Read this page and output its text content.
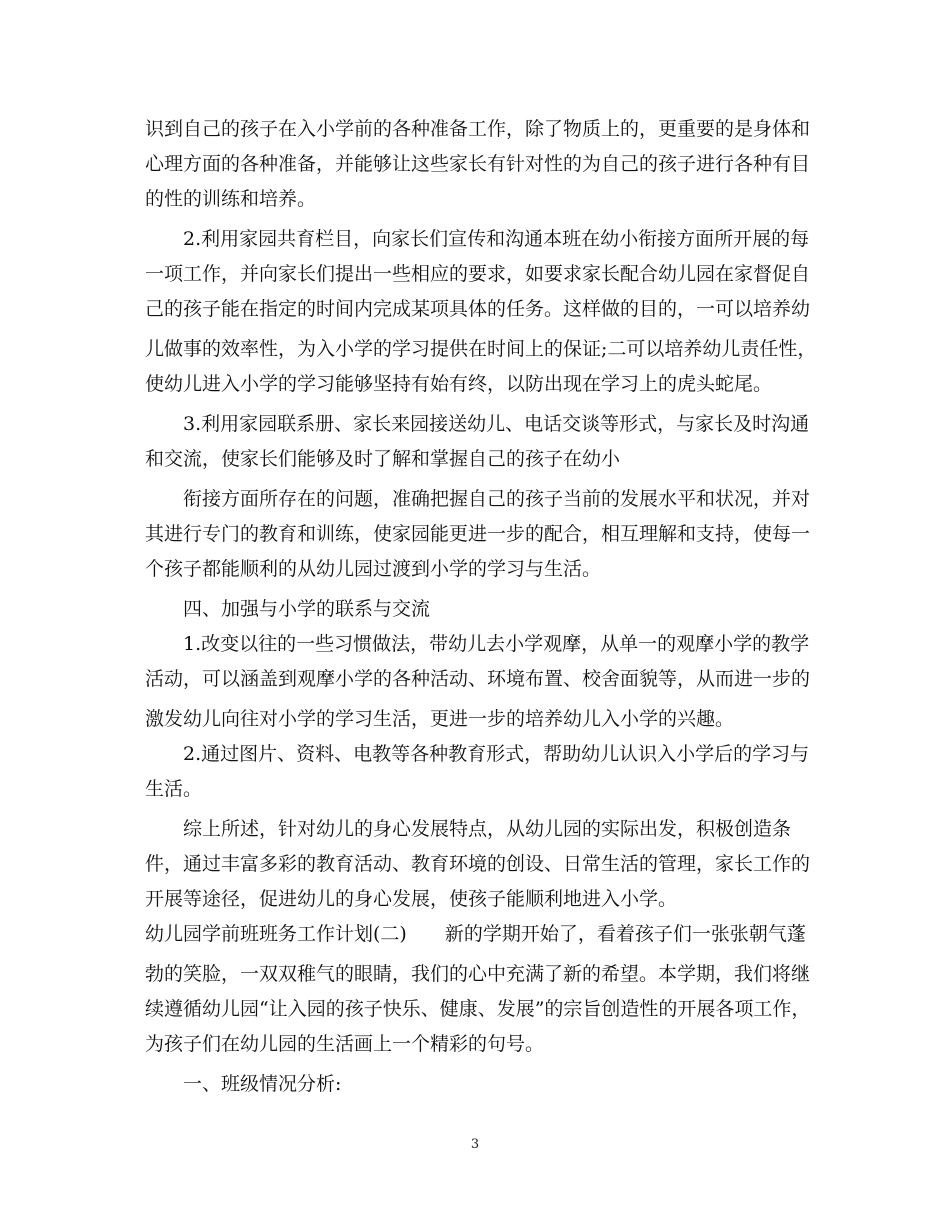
识到自己的孩子在入小学前的各种准备工作，除了物质上的，更重要的是身体和
心理方面的各种准备，并能够让这些家长有针对性的为自己的孩子进行各种有目
的性的训练和培养。
2.利用家园共育栏目，向家长们宣传和沟通本班在幼小衔接方面所开展的每
一项工作，并向家长们提出一些相应的要求，如要求家长配合幼儿园在家督促自
己的孩子能在指定的时间内完成某项具体的任务。这样做的目的，一可以培养幼
儿做事的效率性，为入小学的学习提供在时间上的保证;二可以培养幼儿责任性，
使幼儿进入小学的学习能够坚持有始有终，以防出现在学习上的虎头蛇尾。
3.利用家园联系册、家长来园接送幼儿、电话交谈等形式，与家长及时沟通
和交流，使家长们能够及时了解和掌握自己的孩子在幼小
衔接方面所存在的问题，准确把握自己的孩子当前的发展水平和状况，并对
其进行专门的教育和训练，使家园能更进一步的配合，相互理解和支持，使每一
个孩子都能顺利的从幼儿园过渡到小学的学习与生活。
四、加强与小学的联系与交流
1.改变以往的一些习惯做法，带幼儿去小学观摩，从单一的观摩小学的教学
活动，可以涵盖到观摩小学的各种活动、环境布置、校舍面貌等，从而进一步的
激发幼儿向往对小学的学习生活，更进一步的培养幼儿入小学的兴趣。
2.通过图片、资料、电教等各种教育形式，帮助幼儿认识入小学后的学习与
生活。
综上所述，针对幼儿的身心发展特点，从幼儿园的实际出发，积极创造条
件，通过丰富多彩的教育活动、教育环境的创设、日常生活的管理，家长工作的
开展等途径，促进幼儿的身心发展，使孩子能顺利地进入小学。
幼儿园学前班班务工作计划(二)　　新的学期开始了，看着孩子们一张张朝气蓬
勃的笑脸，一双双稚气的眼睛，我们的心中充满了新的希望。本学期，我们将继
续遵循幼儿园“让入园的孩子快乐、健康、发展”的宗旨创造性的开展各项工作，
为孩子们在幼儿园的生活画上一个精彩的句号。
一、班级情况分析:
3
